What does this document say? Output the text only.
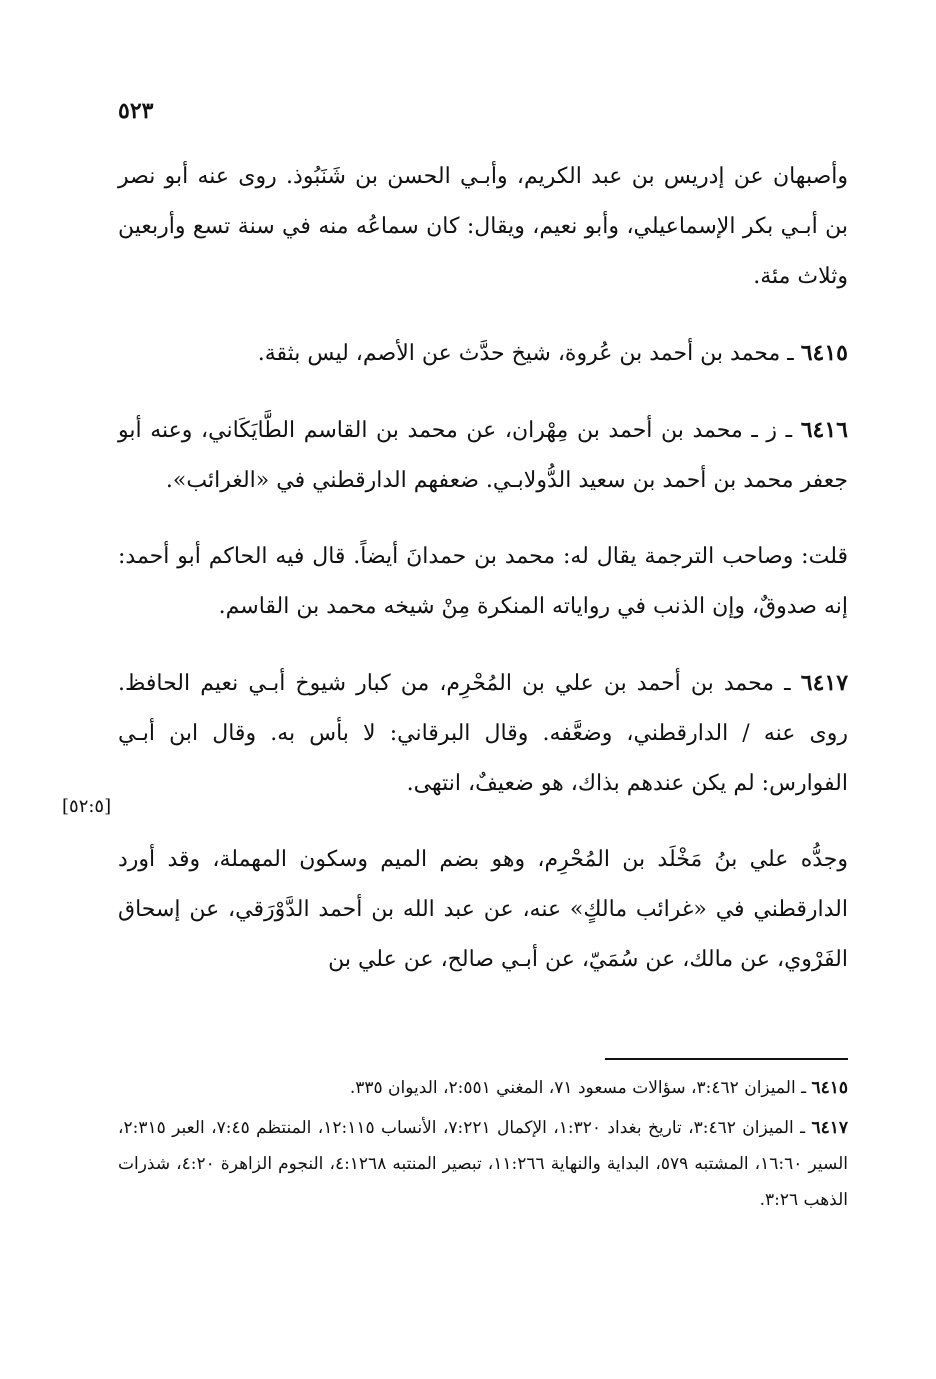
٥٢٣

وأصبهان عن إدريس بن عبد الكريم، وأبـي الحسن بن شَنَبُوذ. روى عنه أبو نصر بن أبـي بكر الإسماعيلي، وأبو نعيم، ويقال: كان سماعُه منه في سنة تسع وأربعين وثلاث مئة.

٦٤١٥ ـ محمد بن أحمد بن عُروة، شيخ حدَّث عن الأصم، ليس بثقة.

٦٤١٦ ـ ز ـ محمد بن أحمد بن مِهْران، عن محمد بن القاسم الطَّايَكَاني، وعنه أبو جعفر محمد بن أحمد بن سعيد الدُّولابـي. ضعفهم الدارقطني في «الغرائب».

قلت: وصاحب الترجمة يقال له: محمد بن حمدانَ أيضاً. قال فيه الحاكم أبو أحمد: إنه صدوقٌ، وإن الذنب في رواياته المنكرة مِنْ شيخه محمد بن القاسم.

٦٤١٧ ـ محمد بن أحمد بن علي بن المُحْرِم، من كبار شيوخ أبـي نعيم الحافظ. روى عنه / الدارقطني، وضعَّفه. وقال البرقاني: لا بأس به. وقال ابن أبـي الفوارس: لم يكن عندهم بذاك، هو ضعيفٌ، انتهى.

وجدُّه علي بنُ مَخْلَد بن المُحْرِم، وهو بضم الميم وسكون المهملة، وقد أورد الدارقطني في «غرائب مالكٍ» عنه، عن عبد الله بن أحمد الدَّوْرَقي، عن إسحاق الفَرْوي، عن مالك، عن سُمَيّ، عن أبـي صالح، عن علي بن

[٥٢:٥]

٦٤١٥ ـ الميزان ٣:٤٦٢، سؤالات مسعود ٧١، المغني ٢:٥٥١، الديوان ٣٣٥.

٦٤١٧ ـ الميزان ٣:٤٦٢، تاريخ بغداد ١:٣٢٠، الإكمال ٧:٢٢١، الأنساب ١٢:١١٥، المنتظم ٧:٤٥، العبر ٢:٣١٥، السير ١٦:٦٠، المشتبه ٥٧٩، البداية والنهاية ١١:٢٦٦، تبصير المنتبه ٤:١٢٦٨، النجوم الزاهرة ٤:٢٠، شذرات الذهب ٣:٢٦.
